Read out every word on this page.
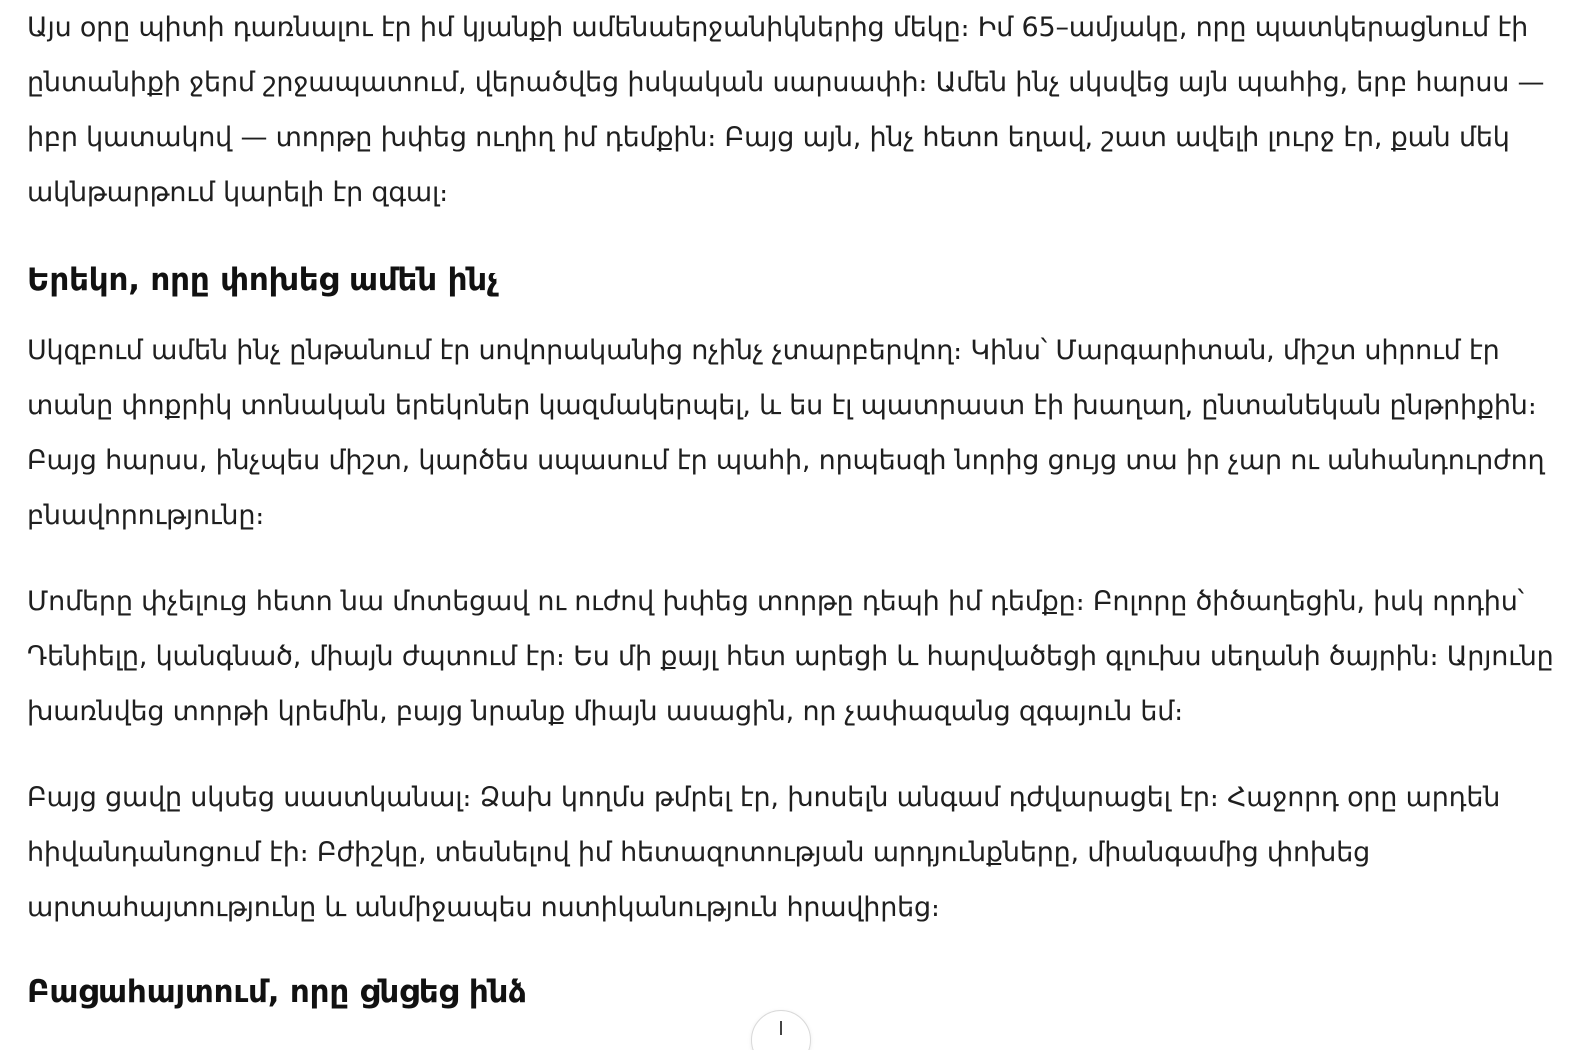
Այս օրը պիտի դառնալու էր իմ կյանքի ամենաերջանիկներից մեկը։ Իմ 65–ամյակը, որը պատկերացնում էի ընտանիքի ջերմ շրջապատում, վերածվեց իսկական սարսափի։ Ամեն ինչ սկսվեց այն պահից, երբ հարսս — իբր կատակով — տորթը խփեց ուղիղ իմ դեմքին։ Բայց այն, ինչ հետո եղավ, շատ ավելի լուրջ էր, քան մեկ ակնթարթում կարելի էր զգալ։

Երեկո, որը փոխեց ամեն ինչ

Սկզբում ամեն ինչ ընթանում էր սովորականից ոչինչ չտարբերվող։ Կինս՝ Մարգարիտան, միշտ սիրում էր տանը փոքրիկ տոնական երեկոներ կազմակերպել, և ես էլ պատրաստ էի խաղաղ, ընտանեկան ընթրիքին։ Բայց հարսս, ինչպես միշտ, կարծես սպասում էր պահի, որպեսզի նորից ցույց տա իր չար ու անհանդուրժող բնավորությունը։

Մոմերը փչելուց հետո նա մոտեցավ ու ուժով խփեց տորթը դեպի իմ դեմքը։ Բոլորը ծիծաղեցին, իսկ որդիս՝ Դենիելը, կանգնած, միայն ժպտում էր։ Ես մի քայլ հետ արեցի և հարվածեցի գլուխս սեղանի ծայրին։ Արյունը խառնվեց տորթի կրեմին, բայց նրանք միայն ասացին, որ չափազանց զգայուն եմ։

Բայց ցավը սկսեց սաստկանալ։ Ձախ կողմս թմրել էր, խոսելն անգամ դժվարացել էր։ Հաջորդ օրը արդեն հիվանդանոցում էի։ Բժիշկը, տեսնելով իմ հետազոտության արդյունքները, միանգամից փոխեց արտահայտությունը և անմիջապես ոստիկանություն հրավիրեց։

Բացահայտում, որը ցնցեց ինձ
